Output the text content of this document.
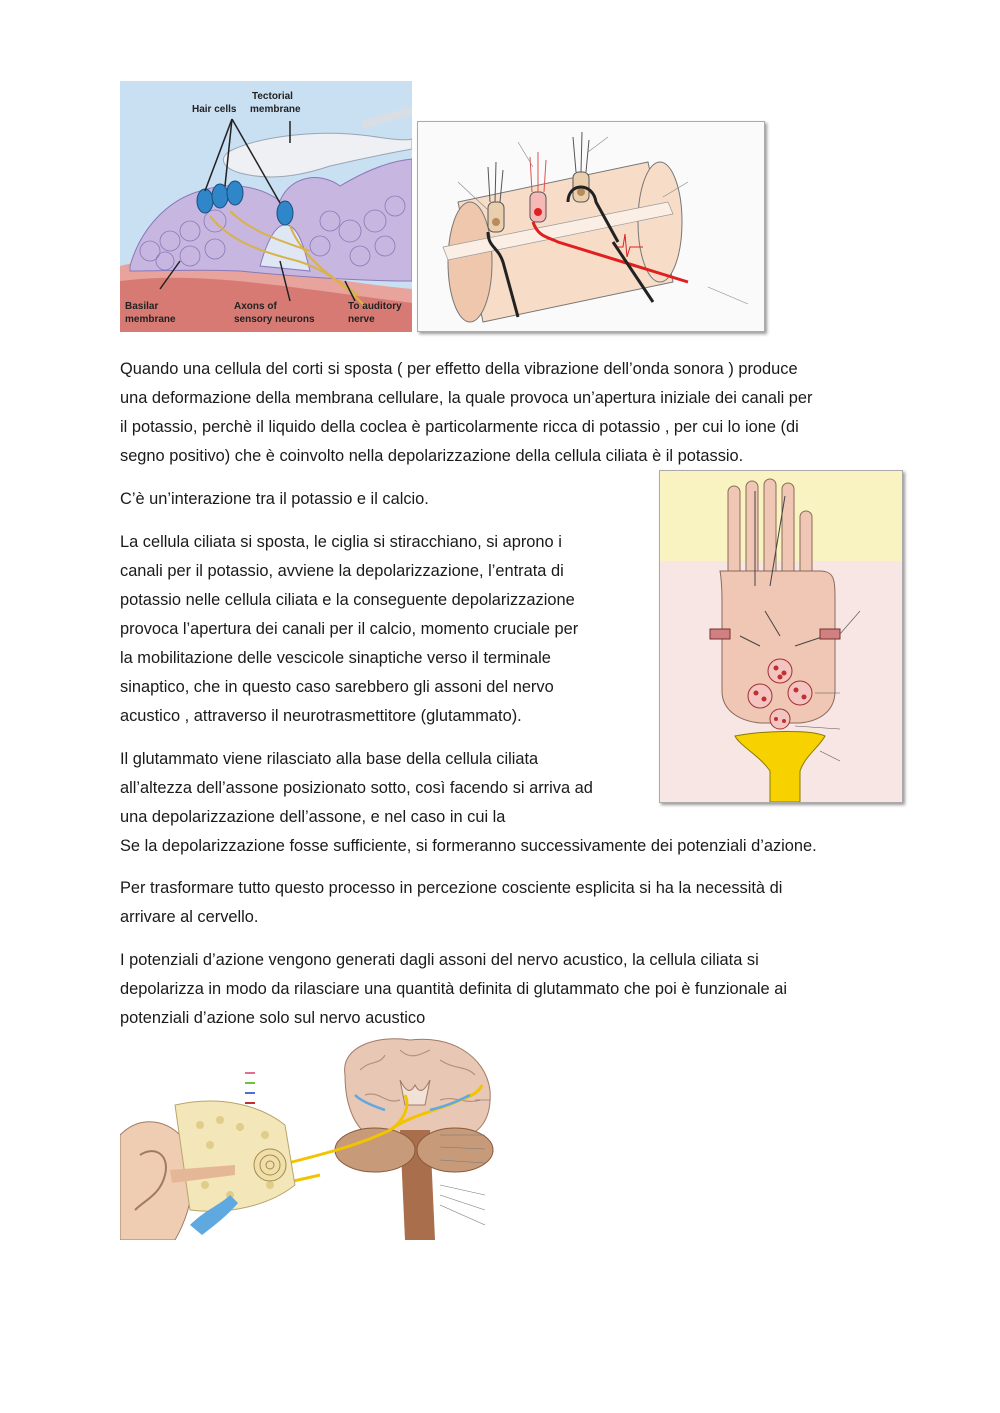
Tectorial
membrane
Hair cells
Basilar
membrane
Axons of
sensory neurons
To auditory
nerve
Quando una cellula del corti si sposta ( per effetto della vibrazione dell’onda sonora ) produce
una deformazione della membrana cellulare, la quale provoca un’apertura iniziale dei canali per
il potassio, perchè il liquido della coclea è particolarmente ricca di potassio , per cui lo ione (di
segno positivo) che è coinvolto nella depolarizzazione della cellula ciliata è il potassio.
C’è un’interazione tra il potassio e il calcio.
La cellula ciliata si sposta, le ciglia si stiracchiano, si aprono i
canali per il potassio, avviene la depolarizzazione, l’entrata di
potassio nelle cellula ciliata e la conseguente depolarizzazione
provoca l’apertura dei canali per il calcio, momento cruciale per
la mobilitazione delle vescicole sinaptiche verso il terminale
sinaptico, che in questo caso sarebbero gli assoni del nervo
acustico , attraverso il neurotrasmettitore (glutammato).
Il glutammato viene rilasciato alla base della cellula ciliata
all’altezza dell’assone posizionato sotto, così facendo si arriva ad
una depolarizzazione dell’assone, e nel caso in cui la
Se la depolarizzazione fosse sufficiente, si formeranno successivamente dei potenziali d’azione.
Per trasformare tutto questo processo in percezione cosciente esplicita si ha la necessità di
arrivare al cervello.
I potenziali d’azione vengono generati dagli assoni del nervo acustico, la cellula ciliata si
depolarizza in modo da rilasciare una quantità definita di glutammato che poi è funzionale ai
potenziali d’azione solo sul nervo acustico
